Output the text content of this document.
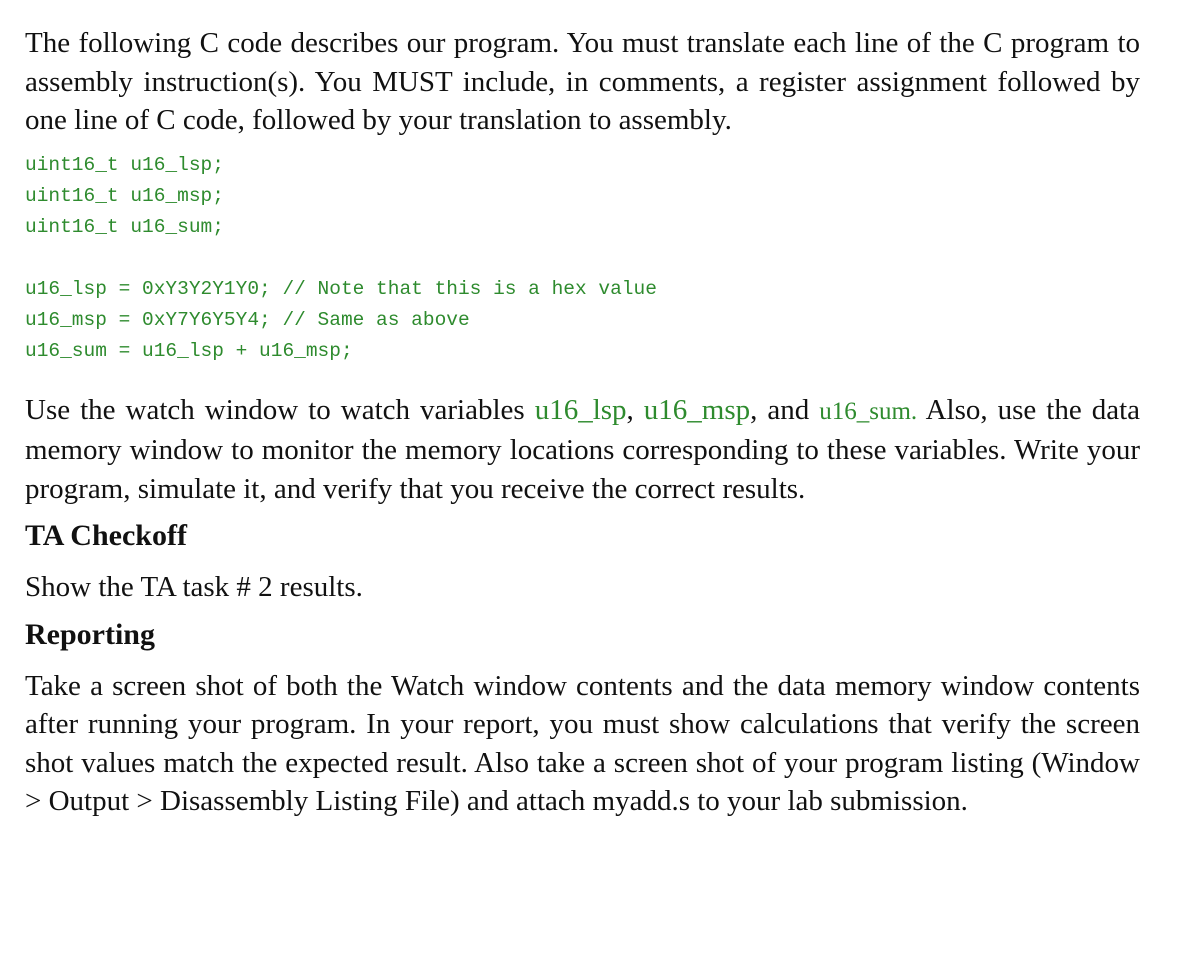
The following C code describes our program. You must translate each line of the C program to assembly instruction(s). You MUST include, in comments, a register assignment followed by one line of C code, followed by your translation to assembly.

uint16_t u16_lsp;
uint16_t u16_msp;
uint16_t u16_sum;
u16_lsp = 0xY3Y2Y1Y0; // Note that this is a hex value
u16_msp = 0xY7Y6Y5Y4; // Same as above
u16_sum = u16_lsp + u16_msp;

Use the watch window to watch variables u16_lsp, u16_msp, and u16_sum. Also, use the data memory window to monitor the memory locations corresponding to these variables. Write your program, simulate it, and verify that you receive the correct results.

TA Checkoff

Show the TA task # 2 results.

Reporting

Take a screen shot of both the Watch window contents and the data memory window contents after running your program. In your report, you must show calculations that verify the screen shot values match the expected result. Also take a screen shot of your program listing (Window > Output > Disassembly Listing File) and attach myadd.s to your lab submission.
